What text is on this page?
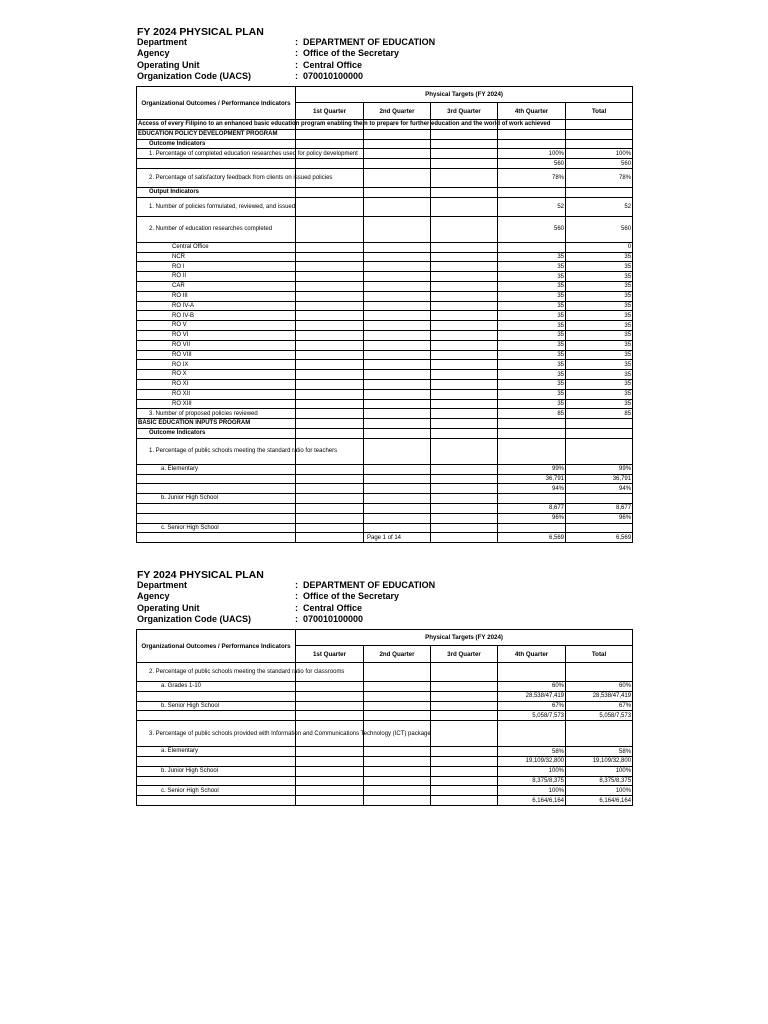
FY 2024 PHYSICAL PLAN
Department	: DEPARTMENT OF EDUCATION
Agency	: Office of the Secretary
Operating Unit	: Central Office
Organization Code (UACS)	: 070010100000
Organizational Outcomes / Performance Indicators	Physical Targets (FY 2024)				
	1st Quarter	2nd Quarter	3rd Quarter	4th Quarter	Total
Access of every Filipino to an enhanced basic education program enabling them to prepare for further education and the world of work achieved					
EDUCATION POLICY DEVELOPMENT PROGRAM					
Outcome Indicators					
1. Percentage of completed education researches used for policy development				100%	100%
				560	560
2. Percentage of satisfactory feedback from clients on issued policies				78%	78%
Output Indicators					
1. Number of policies formulated, reviewed, and issued				52	52
2. Number of education researches completed				560	560
Central Office					0
NCR				35	35
RO I				35	35
RO II				35	35
CAR				35	35
RO III				35	35
RO IV-A				35	35
RO IV-B				35	35
RO V				35	35
RO VI				35	35
RO VII				35	35
RO VIII				35	35
RO IX				35	35
RO X				35	35
RO XI				35	35
RO XII				35	35
RO XIII				35	35
3. Number of proposed policies reviewed				85	85
BASIC EDUCATION INPUTS PROGRAM					
Outcome Indicators					
1. Percentage of public schools meeting the standard ratio for teachers					
a. Elementary				99%	99%
				36,791	36,791
				94%	94%
b. Junior High School					
				8,677	8,677
				96%	96%
c. Senior High School					
				6,569	6,569
Page 1 of 14
FY 2024 PHYSICAL PLAN
Department	: DEPARTMENT OF EDUCATION
Agency	: Office of the Secretary
Operating Unit	: Central Office
Organization Code (UACS)	: 070010100000
Organizational Outcomes / Performance Indicators	Physical Targets (FY 2024)				
	1st Quarter	2nd Quarter	3rd Quarter	4th Quarter	Total
2. Percentage of public schools meeting the standard ratio for classrooms					
a. Grades 1-10				60%	60%
				28,538/47,419	28,538/47,419
b. Senior High School				67%	67%
				5,058/7,573	5,058/7,573
3. Percentage of public schools provided with Information and Communications Technology (ICT) package					
a. Elementary				58%	58%
				19,109/32,800	19,109/32,800
b. Junior High School				100%	100%
				8,375/8,375	8,375/8,375
c. Senior High School				100%	100%
				6,164/6,164	6,164/6,164
